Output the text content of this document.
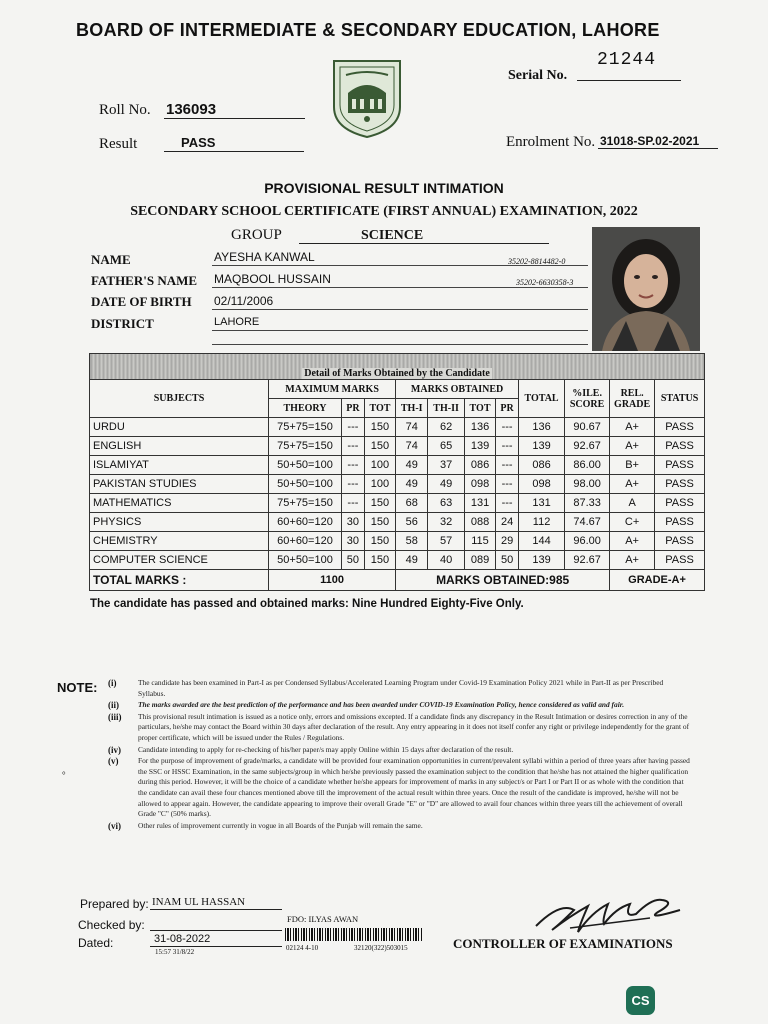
BOARD OF INTERMEDIATE & SECONDARY EDUCATION, LAHORE
21244
Serial No.
Roll No. 136093
Result	PASS	Enrolment No. 31018-SP.02-2021
PROVISIONAL RESULT INTIMATION
SECONDARY SCHOOL CERTIFICATE (FIRST ANNUAL) EXAMINATION, 2022
GROUP	SCIENCE
NAME	AYESHA KANWAL	35202-8814482-0
FATHER'S NAME MAQBOOL HUSSAIN	35202-6630358-3
DATE OF BIRTH 02/11/2006
DISTRICT	LAHORE
Detail of Marks Obtained by the Candidate											
SUBJECTS	MAXIMUM MARKS			MARKS OBTAINED				TOTAL	%ILE. SCORE	REL. GRADE	STATUS
	THEORY	PR	TOT	TH-I	TH-II	TOT	PR				
URDU	75+75=150	---	150	74	62	136	---	136	90.67	A+	PASS
ENGLISH	75+75=150	---	150	74	65	139	---	139	92.67	A+	PASS
ISLAMIYAT	50+50=100	---	100	49	37	086	---	086	86.00	B+	PASS
PAKISTAN STUDIES	50+50=100	---	100	49	49	098	---	098	98.00	A+	PASS
MATHEMATICS	75+75=150	---	150	68	63	131	---	131	87.33	A	PASS
PHYSICS	60+60=120	30	150	56	32	088	24	112	74.67	C+	PASS
CHEMISTRY	60+60=120	30	150	58	57	115	29	144	96.00	A+	PASS
COMPUTER SCIENCE	50+50=100	50	150	49	40	089	50	139	92.67	A+	PASS
TOTAL MARKS :	1100			MARKS OBTAINED:985						GRADE-A+	
The candidate has passed and obtained marks: Nine Hundred Eighty-Five Only.
NOTE:
°
(i)	The candidate has been examined in Part-I as per Condensed Syllabus/Accelerated Learning Program under Covid-19 Examination Policy 2021 while in Part-II as per Prescribed Syllabus.
(ii)	The marks awarded are the best prediction of the performance and has been awarded under COVID-19 Examination Policy, hence considered as valid and fair.
(iii) This provisional result intimation is issued as a notice only, errors and omissions excepted. If a candidate finds any discrepancy in the Result Intimation or desires correction in any of the particulars, he/she may contact the Board within 30 days after declaration of the result. Any entry appearing in it does not itself confer any right or privilege independently for the grant of proper certificate, which will be issued under the Rules / Regulations.
(iv) Candidate intending to apply for re-checking of his/her paper/s may apply Online within 15 days after declaration of the result.
(v)	For the purpose of improvement of grade/marks, a candidate will be provided four examination opportunities in current/prevalent syllabi within a period of three years after having passed the SSC or HSSC Examination, in the same subjects/group in which he/she previously passed the examination subject to the condition that he/she has not attained the higher qualification during this period. However, it will be the choice of a candidate whether he/she appears for improvement of marks in any subject/s or Part I or Part II or as whole with the condition that the candidate can avail these four chances mentioned above till the improvement of the actual result within three years. Once the result of the candidate is improved, he/she will not be allowed to appear again. However, the candidate appearing to improve their overall Grade "E" or "D" are allowed to avail four chances within three years till the achievement of overall Grade "C" (50% marks).
(vi) Other rules of improvement currently in vogue in all Boards of the Punjab will remain the same.
Prepared by: INAM UL HASSAN
Checked by:
Dated:	31-08-2022
15:57 31/8/22
FDO: ILYAS AWAN
02124 4-10	32120(322)503015	CONTROLLER OF EXAMINATIONS
CS
